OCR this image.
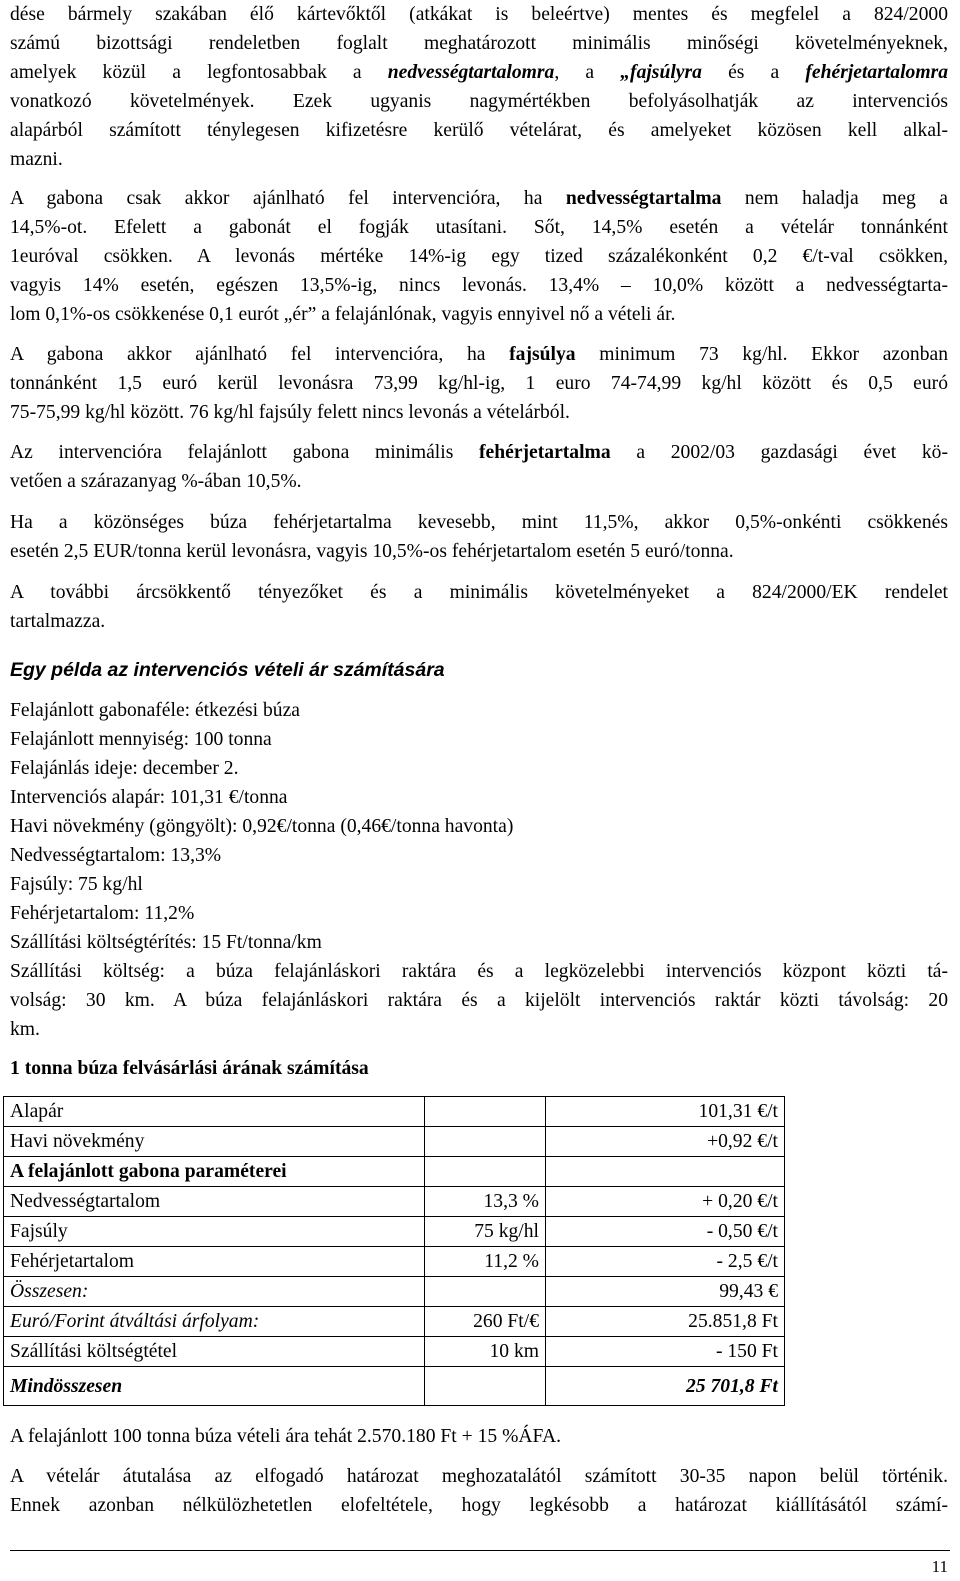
dése bármely szakában élő kártevőktől (atkákat is beleértve) mentes és megfelel a 824/2000
számú bizottsági rendeletben foglalt meghatározott minimális minőségi követelményeknek,
amelyek közül a legfontosabbak a nedvességtartalomra, a „fajsúlyra és a fehérjetartalomra
vonatkozó követelmények. Ezek ugyanis nagymértékben befolyásolhatják az intervenciós
alapárból számított ténylegesen kifizetésre kerülő vételárat, és amelyeket közösen kell alkal-
mazni.
A gabona csak akkor ajánlható fel intervencióra, ha nedvességtartalma nem haladja meg a
14,5%-ot. Efelett a gabonát el fogják utasítani. Sőt, 14,5% esetén a vételár tonnánként
1euróval csökken. A levonás mértéke 14%-ig egy tized százalékonként 0,2 €/t-val csökken,
vagyis 14% esetén, egészen 13,5%-ig, nincs levonás. 13,4% – 10,0% között a nedvességtarta-
lom 0,1%-os csökkenése 0,1 eurót „ér” a felajánlónak, vagyis ennyivel nő a vételi ár.
A gabona akkor ajánlható fel intervencióra, ha fajsúlya minimum 73 kg/hl. Ekkor azonban
tonnánként 1,5 euró kerül levonásra 73,99 kg/hl-ig, 1 euro 74-74,99 kg/hl között és 0,5 euró
75-75,99 kg/hl között. 76 kg/hl fajsúly felett nincs levonás a vételárból.
Az intervencióra felajánlott gabona minimális fehérjetartalma a 2002/03 gazdasági évet kö-
vetően a szárazanyag %-ában 10,5%.
Ha a közönséges búza fehérjetartalma kevesebb, mint 11,5%, akkor 0,5%-onkénti csökkenés
esetén 2,5 EUR/tonna kerül levonásra, vagyis 10,5%-os fehérjetartalom esetén 5 euró/tonna.
A további árcsökkentő tényezőket és a minimális követelményeket a 824/2000/EK rendelet
tartalmazza.
Egy példa az intervenciós vételi ár számítására
Felajánlott gabonaféle: étkezési búza
Felajánlott mennyiség: 100 tonna
Felajánlás ideje: december 2.
Intervenciós alapár: 101,31 €/tonna
Havi növekmény (göngyölt): 0,92€/tonna (0,46€/tonna havonta)
Nedvességtartalom: 13,3%
Fajsúly: 75 kg/hl
Fehérjetartalom: 11,2%
Szállítási költségtérítés: 15 Ft/tonna/km
Szállítási költség: a búza felajánláskori raktára és a legközelebbi intervenciós központ közti tá-
volság: 30 km. A búza felajánláskori raktára és a kijelölt intervenciós raktár közti távolság: 20
km.
1 tonna búza felvásárlási árának számítása
Alapár		101,31 €/t
Havi növekmény		+0,92 €/t
A felajánlott gabona paraméterei		
Nedvességtartalom	13,3 %	+ 0,20 €/t
Fajsúly	75 kg/hl	- 0,50 €/t
Fehérjetartalom	11,2 %	- 2,5 €/t
Összesen:		99,43 €
Euró/Forint átváltási árfolyam:	260 Ft/€	25.851,8 Ft
Szállítási költségtétel	10 km	- 150 Ft
Mindösszesen		25 701,8 Ft
A felajánlott 100 tonna búza vételi ára tehát 2.570.180 Ft + 15 %ÁFA.
A vételár átutalása az elfogadó határozat meghozatalától számított 30-35 napon belül történik.
Ennek azonban nélkülözhetetlen elofeltétele, hogy legkésobb a határozat kiállításától számí-
11
